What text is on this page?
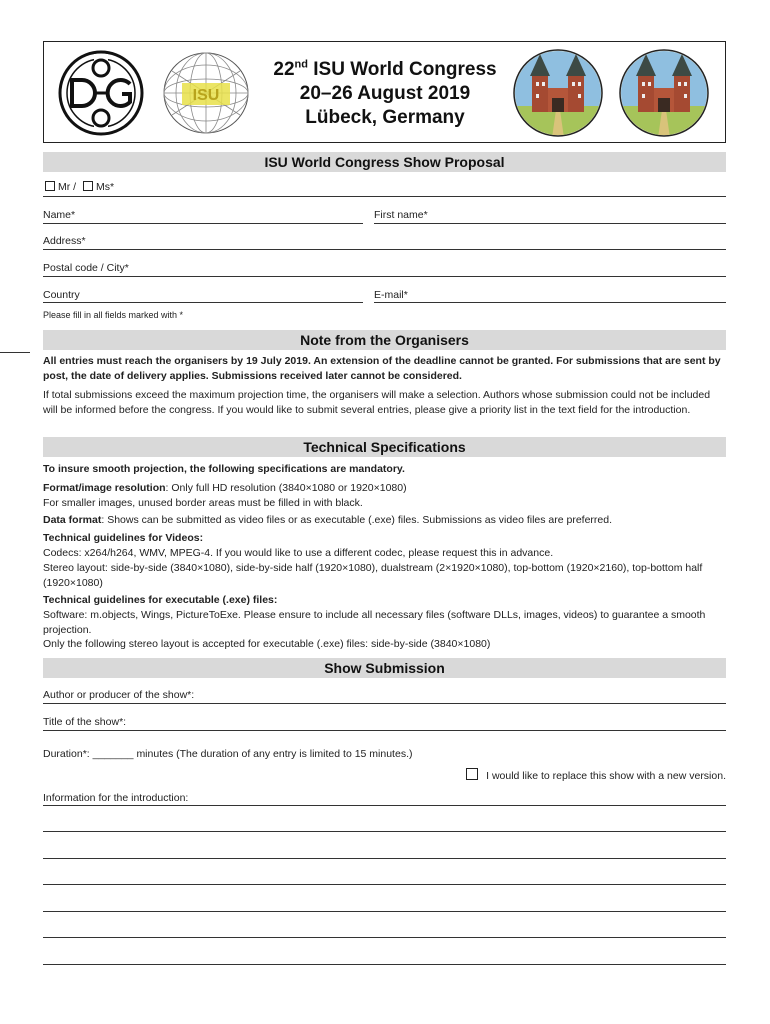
ISU
22nd ISU World Congress
20–26 August 2019
Lübeck, Germany
ISU World Congress Show Proposal
Mr / Ms*
Name*	First name*
Address*
Postal code / City*
Country	E-mail*
Please fill in all fields marked with *
Note from the Organisers
All entries must reach the organisers by 19 July 2019. An extension of the deadline cannot be granted. For submissions that are sent by post, the date of delivery applies. Submissions received later cannot be considered.
If total submissions exceed the maximum projection time, the organisers will make a selection. Authors whose submission could not be included will be informed before the congress. If you would like to submit several entries, please give a priority list in the text field for the introduction.
Technical Specifications
To insure smooth projection, the following specifications are mandatory.
Format/image resolution: Only full HD resolution (3840×1080 or 1920×1080)
For smaller images, unused border areas must be filled in with black.
Data format: Shows can be submitted as video files or as executable (.exe) files. Submissions as video files are preferred.
Technical guidelines for Videos:
Codecs: x264/h264, WMV, MPEG-4. If you would like to use a different codec, please request this in advance.
Stereo layout: side-by-side (3840×1080), side-by-side half (1920×1080), dualstream (2×1920×1080), top-bottom (1920×2160), top-bottom half (1920×1080)
Technical guidelines for executable (.exe) files:
Software: m.objects, Wings, PictureToExe. Please ensure to include all necessary files (software DLLs, images, videos) to guarantee a smooth projection.
Only the following stereo layout is accepted for executable (.exe) files: side-by-side (3840×1080)
Show Submission
Author or producer of the show*:
Title of the show*:
Duration*: _______ minutes (The duration of any entry is limited to 15 minutes.)
I would like to replace this show with a new version.
Information for the introduction:
